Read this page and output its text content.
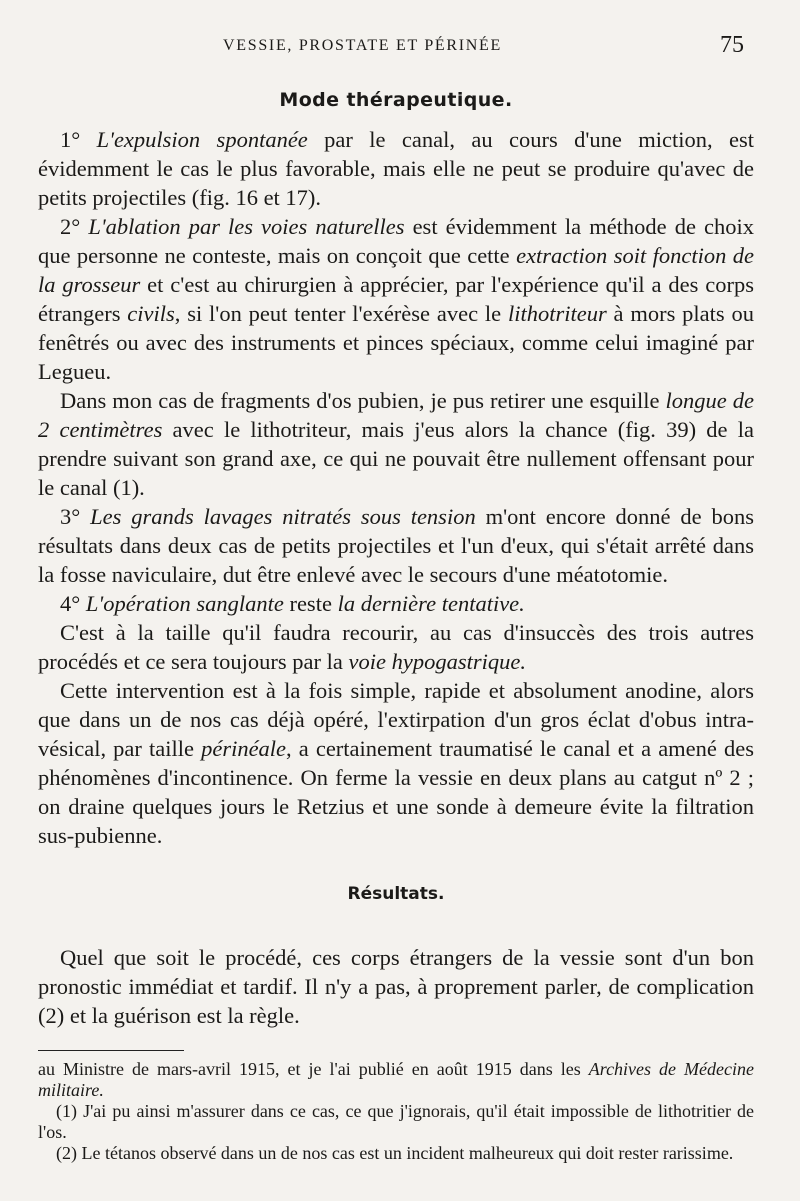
VESSIE, PROSTATE ET PÉRINÉE	75
Mode thérapeutique.

1° L'expulsion spontanée par le canal, au cours d'une miction, est évidemment le cas le plus favorable, mais elle ne peut se produire qu'avec de petits projectiles (fig. 16 et 17).

2° L'ablation par les voies naturelles est évidemment la méthode de choix que personne ne conteste, mais on conçoit que cette extraction soit fonction de la grosseur et c'est au chirurgien à apprécier, par l'expérience qu'il a des corps étrangers civils, si l'on peut tenter l'exérèse avec le lithotriteur à mors plats ou fenêtrés ou avec des instruments et pinces spéciaux, comme celui imaginé par Legueu.

Dans mon cas de fragments d'os pubien, je pus retirer une esquille longue de 2 centimètres avec le lithotriteur, mais j'eus alors la chance (fig. 39) de la prendre suivant son grand axe, ce qui ne pouvait être nullement offensant pour le canal (1).

3° Les grands lavages nitratés sous tension m'ont encore donné de bons résultats dans deux cas de petits projectiles et l'un d'eux, qui s'était arrêté dans la fosse naviculaire, dut être enlevé avec le secours d'une méatotomie.

4° L'opération sanglante reste la dernière tentative.

C'est à la taille qu'il faudra recourir, au cas d'insuccès des trois autres procédés et ce sera toujours par la voie hypogastrique.

Cette intervention est à la fois simple, rapide et absolument anodine, alors que dans un de nos cas déjà opéré, l'extirpation d'un gros éclat d'obus intra-vésical, par taille périnéale, a certainement traumatisé le canal et a amené des phénomènes d'incontinence. On ferme la vessie en deux plans au catgut nº 2 ; on draine quelques jours le Retzius et une sonde à demeure évite la filtration sus-pubienne.

Résultats.

Quel que soit le procédé, ces corps étrangers de la vessie sont d'un bon pronostic immédiat et tardif. Il n'y a pas, à proprement parler, de complication (2) et la guérison est la règle.

au Ministre de mars-avril 1915, et je l'ai publié en août 1915 dans les Archives de Médecine militaire.

(1) J'ai pu ainsi m'assurer dans ce cas, ce que j'ignorais, qu'il était impossible de lithotritier de l'os.

(2) Le tétanos observé dans un de nos cas est un incident malheureux qui doit rester rarissime.
